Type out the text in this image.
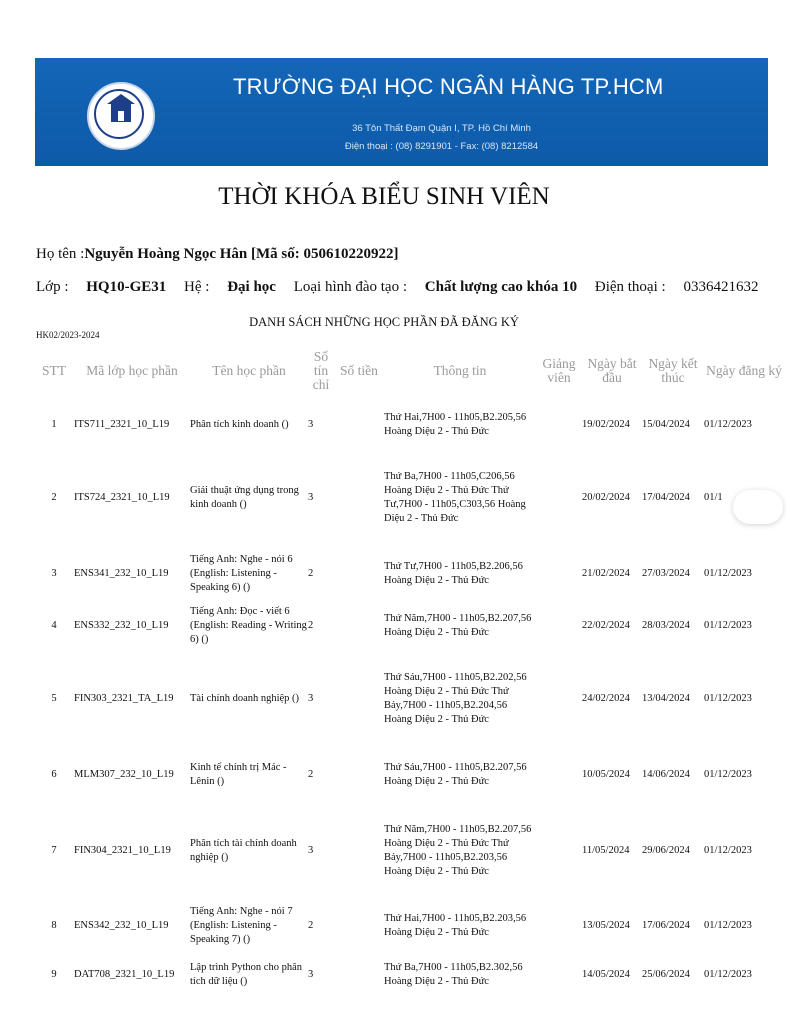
TRƯỜNG ĐẠI HỌC NGÂN HÀNG TP.HCM
36 Tôn Thất Đạm Quận I, TP. Hồ Chí Minh
Điện thoại : (08) 8291901 - Fax: (08) 8212584
THỜI KHÓA BIỂU SINH VIÊN
Họ tên :Nguyễn Hoàng Ngọc Hân [Mã số: 050610220922]
Lớp : HQ10-GE31 Hệ : Đại học Loại hình đào tạo : Chất lượng cao khóa 10 Điện thoại : 0336421632
DANH SÁCH NHỮNG HỌC PHẦN ĐÃ ĐĂNG KÝ
HK02/2023-2024
STT	Mã lớp học phần	Tên học phần	Số tín chỉ	Số tiền	Thông tin	Giảng viên	Ngày bắt đầu	Ngày kết thúc	Ngày đăng ký
1	ITS711_2321_10_L19	Phân tích kinh doanh ()	3		Thứ Hai,7H00 - 11h05,B2.205,56 Hoàng Diệu 2 - Thủ Đức		19/02/2024	15/04/2024	01/12/2023
2	ITS724_2321_10_L19	Giải thuật ứng dụng trong kinh doanh ()	3		Thứ Ba,7H00 - 11h05,C206,56 Hoàng Diệu 2 - Thủ Đức Thứ Tư,7H00 - 11h05,C303,56 Hoàng Diệu 2 - Thủ Đức		20/02/2024	17/04/2024	01/1
3	ENS341_232_10_L19	Tiếng Anh: Nghe - nói 6 (English: Listening - Speaking 6) ()	2		Thứ Tư,7H00 - 11h05,B2.206,56 Hoàng Diệu 2 - Thủ Đức		21/02/2024	27/03/2024	01/12/2023
4	ENS332_232_10_L19	Tiếng Anh: Đọc - viết 6 (English: Reading - Writing 6) ()	2		Thứ Năm,7H00 - 11h05,B2.207,56 Hoàng Diệu 2 - Thủ Đức		22/02/2024	28/03/2024	01/12/2023
5	FIN303_2321_TA_L19	Tài chính doanh nghiệp ()	3		Thứ Sáu,7H00 - 11h05,B2.202,56 Hoàng Diệu 2 - Thủ Đức Thứ Bảy,7H00 - 11h05,B2.204,56 Hoàng Diệu 2 - Thủ Đức		24/02/2024	13/04/2024	01/12/2023
6	MLM307_232_10_L19	Kinh tế chính trị Mác - Lênin ()	2		Thứ Sáu,7H00 - 11h05,B2.207,56 Hoàng Diệu 2 - Thủ Đức		10/05/2024	14/06/2024	01/12/2023
7	FIN304_2321_10_L19	Phân tích tài chính doanh nghiệp ()	3		Thứ Năm,7H00 - 11h05,B2.207,56 Hoàng Diệu 2 - Thủ Đức Thứ Bảy,7H00 - 11h05,B2.203,56 Hoàng Diệu 2 - Thủ Đức		11/05/2024	29/06/2024	01/12/2023
8	ENS342_232_10_L19	Tiếng Anh: Nghe - nói 7 (English: Listening - Speaking 7) ()	2		Thứ Hai,7H00 - 11h05,B2.203,56 Hoàng Diệu 2 - Thủ Đức		13/05/2024	17/06/2024	01/12/2023
9	DAT708_2321_10_L19	Lập trình Python cho phân tích dữ liệu ()	3		Thứ Ba,7H00 - 11h05,B2.302,56 Hoàng Diệu 2 - Thủ Đức		14/05/2024	25/06/2024	01/12/2023
